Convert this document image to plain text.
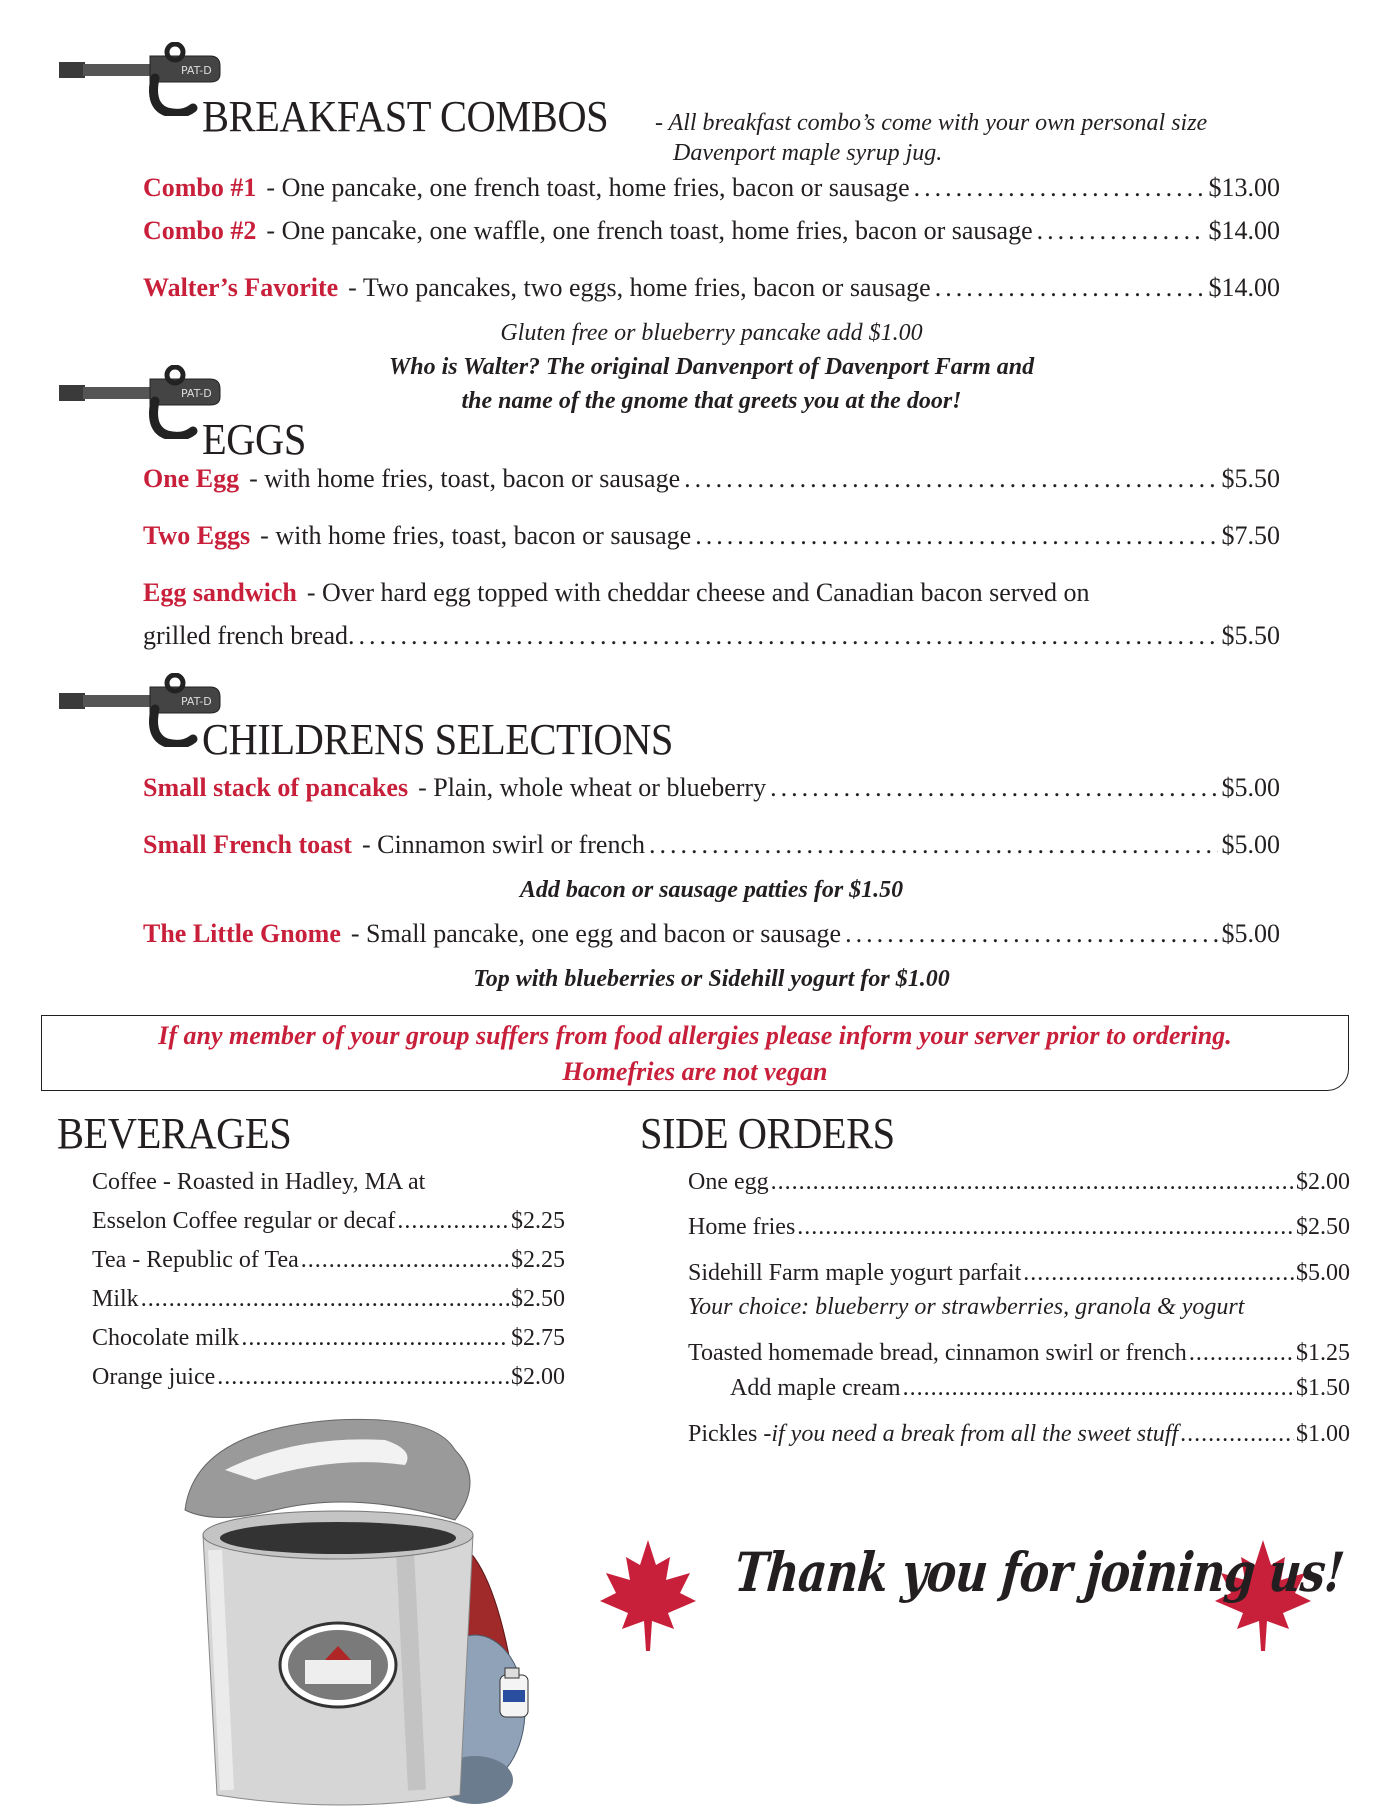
PAT-D
PAT-D
PAT-D
BREAKFAST COMBOS - All breakfast combo’s come with your own personal size
Davenport maple syrup jug.
Combo #1 - One pancake, one french toast, home fries, bacon or sausage .....	$13.00
Combo #2 - One pancake, one waffle, one french toast, home fries, bacon or sausage .....	$14.00
Walter’s Favorite - Two pancakes, two eggs, home fries, bacon or sausage .....	$14.00
Gluten free or blueberry pancake add $1.00
Who is Walter? The original Danvenport of Davenport Farm and
the name of the gnome that greets you at the door!
EGGS
One Egg - with home fries, toast, bacon or sausage .....	$5.50
Two Eggs - with home fries, toast, bacon or sausage .....	$7.50
Egg sandwich - Over hard egg topped with cheddar cheese and Canadian bacon served on
grilled french bread. .....	$5.50
CHILDRENS SELECTIONS
Small stack of pancakes - Plain, whole wheat or blueberry .....	$5.00
Small French toast - Cinnamon swirl or french .....	$5.00
Add bacon or sausage patties for $1.50
The Little Gnome - Small pancake, one egg and bacon or sausage .....	$5.00
Top with blueberries or Sidehill yogurt for $1.00
If any member of your group suffers from food allergies please inform your server prior to ordering.
Homefries are not vegan
BEVERAGES
Coffee - Roasted in Hadley, MA at
Esselon Coffee regular or decaf .....	$2.25
Tea - Republic of Tea .....	$2.25
Milk .....	$2.50
Chocolate milk .....	$2.75
Orange juice .....	$2.00
SIDE ORDERS
One egg .....	$2.00
Home fries .....	$2.50
Sidehill Farm maple yogurt parfait .....	$5.00
Your choice: blueberry or strawberries, granola & yogurt
Toasted homemade bread, cinnamon swirl or french .....	$1.25
Add maple cream .....	$1.50
Pickles - if you need a break from all the sweet stuff .....	$1.00
Thank you for joining us!
